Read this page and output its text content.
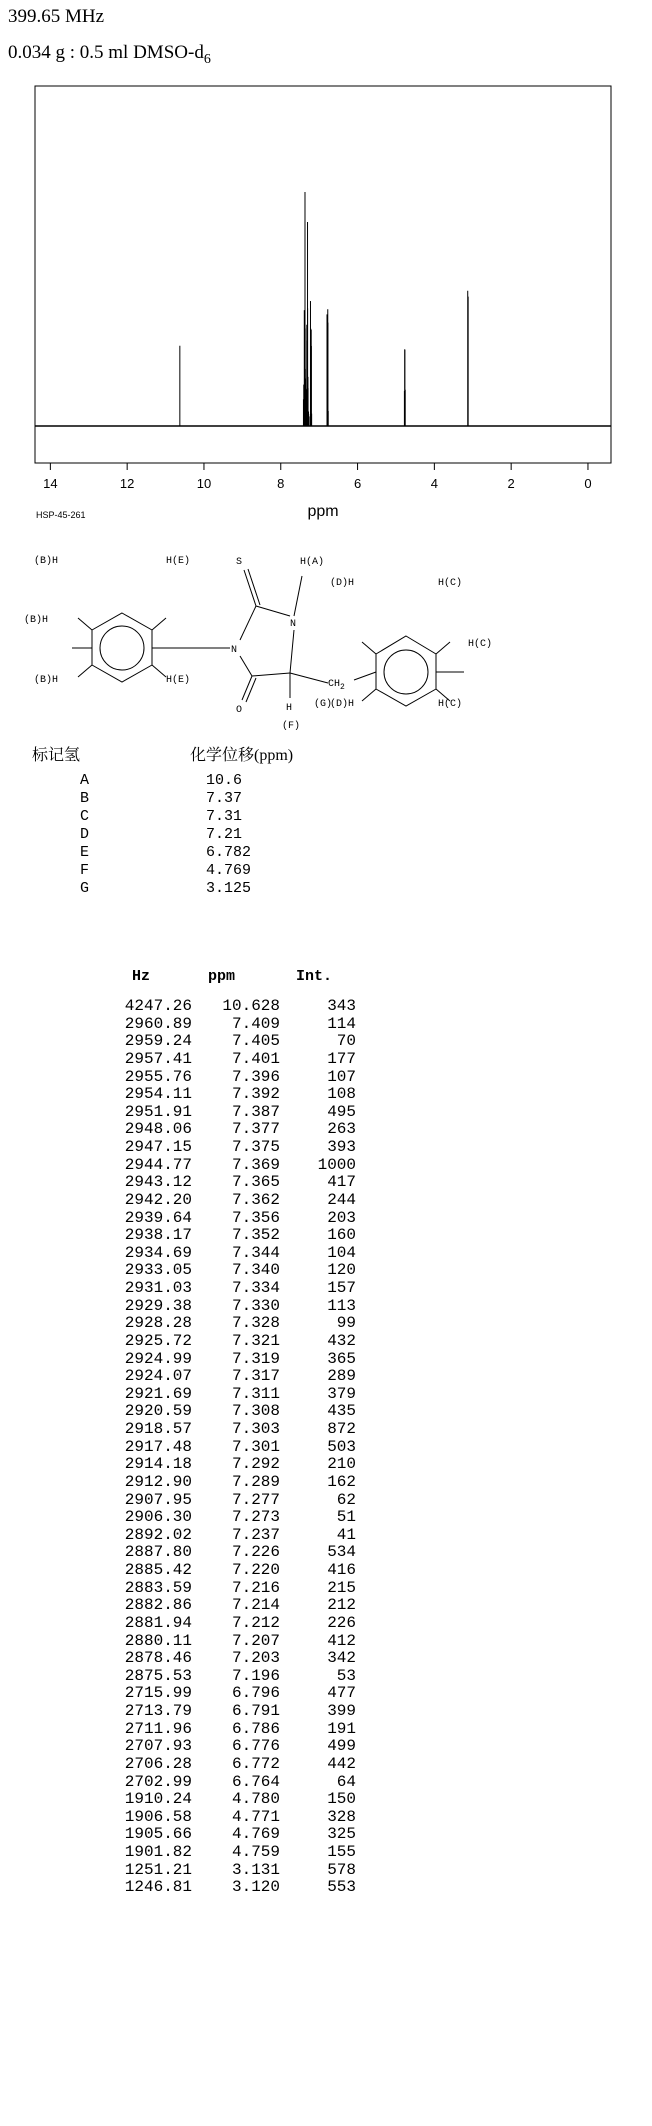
399.65 MHz
0.034 g : 0.5 ml DMSO-$d_6$
14	12	10	8	6	4	2	0
ppm
HSP-45-261
(B)H	H(E)
(B)H
(B)H	H(E)
S	H(A)
N
N
O	H
(F)
$CH_2$
(G)
(D)H	H(C)
H(C)
(D)H	H(C)
标记氢	化学位移(ppm)
A	10.6
B	7.37
C	7.31
D	7.21
E	6.782
F	4.769
G	3.125
Hz	ppm	Int.
4247.26	10.628	343
2960.89	7.409	114
2959.24	7.405	70
2957.41	7.401	177
2955.76	7.396	107
2954.11	7.392	108
2951.91	7.387	495
2948.06	7.377	263
2947.15	7.375	393
2944.77	7.369	1000
2943.12	7.365	417
2942.20	7.362	244
2939.64	7.356	203
2938.17	7.352	160
2934.69	7.344	104
2933.05	7.340	120
2931.03	7.334	157
2929.38	7.330	113
2928.28	7.328	99
2925.72	7.321	432
2924.99	7.319	365
2924.07	7.317	289
2921.69	7.311	379
2920.59	7.308	435
2918.57	7.303	872
2917.48	7.301	503
2914.18	7.292	210
2912.90	7.289	162
2907.95	7.277	62
2906.30	7.273	51
2892.02	7.237	41
2887.80	7.226	534
2885.42	7.220	416
2883.59	7.216	215
2882.86	7.214	212
2881.94	7.212	226
2880.11	7.207	412
2878.46	7.203	342
2875.53	7.196	53
2715.99	6.796	477
2713.79	6.791	399
2711.96	6.786	191
2707.93	6.776	499
2706.28	6.772	442
2702.99	6.764	64
1910.24	4.780	150
1906.58	4.771	328
1905.66	4.769	325
1901.82	4.759	155
1251.21	3.131	578
1246.81	3.120	553
